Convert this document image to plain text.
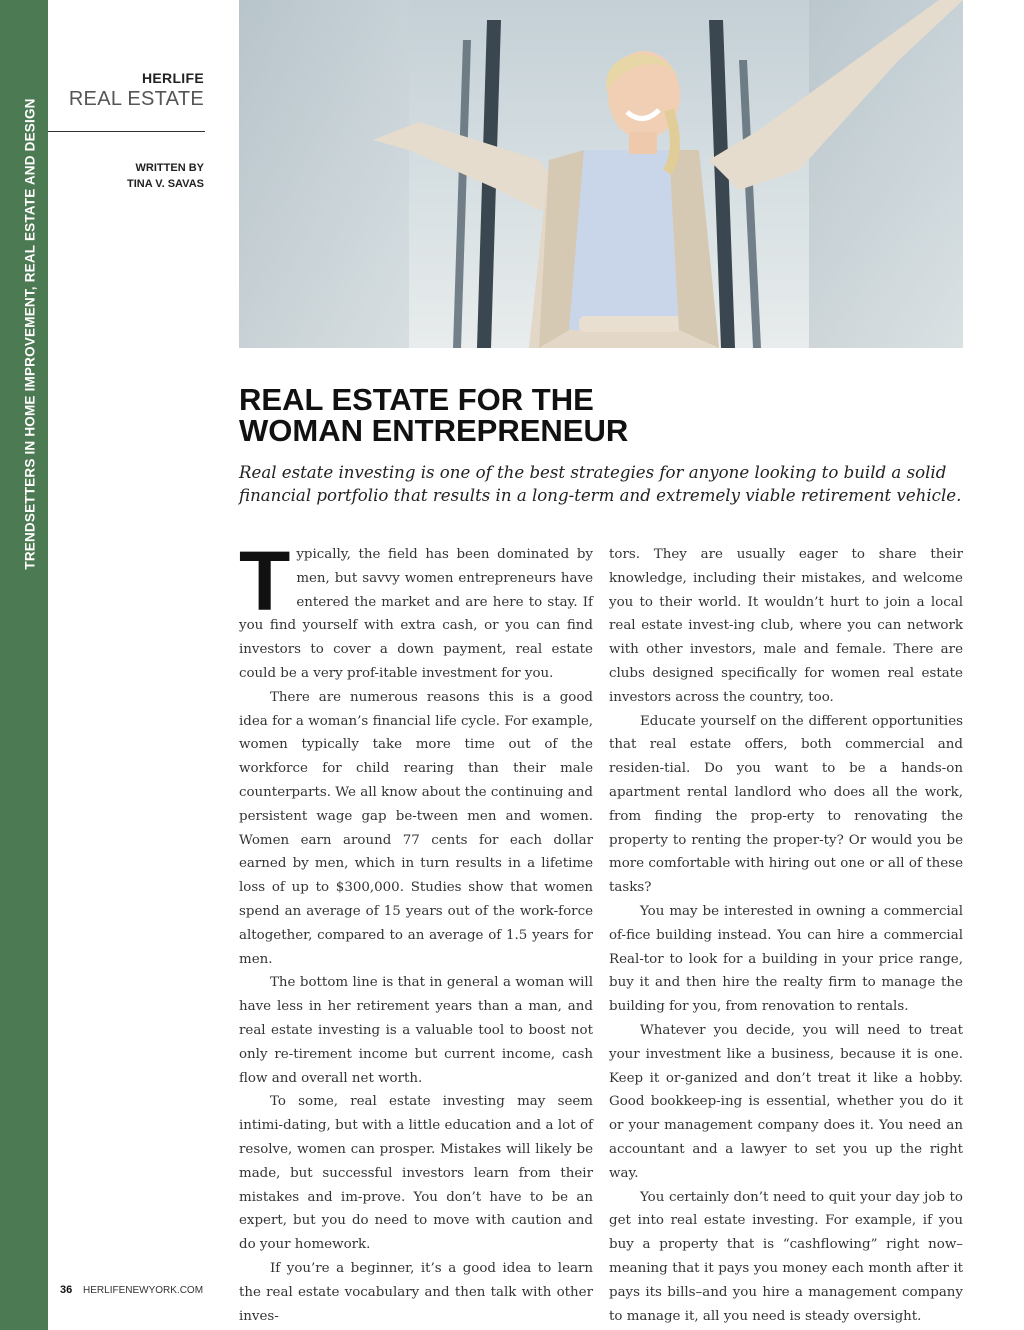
TRENDSETTERS IN HOME IMPROVEMENT, REAL ESTATE AND DESIGN
HERLIFE
REAL ESTATE
WRITTEN BY
TINA V. SAVAS
REAL ESTATE FOR THE
WOMAN ENTREPRENEUR

Real estate investing is one of the best strategies for anyone looking to build a solid financial portfolio that results in a long-term and extremely viable retirement vehicle.

Typically, the field has been dominated by men, but savvy women entrepreneurs have entered the market and are here to stay. If you find yourself with extra cash, or you can find investors to cover a down payment, real estate could be a very prof-itable investment for you.

There are numerous reasons this is a good idea for a woman’s financial life cycle. For example, women typically take more time out of the workforce for child rearing than their male counterparts. We all know about the continuing and persistent wage gap be-tween men and women. Women earn around 77 cents for each dollar earned by men, which in turn results in a lifetime loss of up to $300,000. Studies show that women spend an average of 15 years out of the work-force altogether, compared to an average of 1.5 years for men.

The bottom line is that in general a woman will have less in her retirement years than a man, and real estate investing is a valuable tool to boost not only re-tirement income but current income, cash flow and overall net worth.

To some, real estate investing may seem intimi-dating, but with a little education and a lot of resolve, women can prosper. Mistakes will likely be made, but successful investors learn from their mistakes and im-prove. You don’t have to be an expert, but you do need to move with caution and do your homework.

If you’re a beginner, it’s a good idea to learn the real estate vocabulary and then talk with other inves-

tors. They are usually eager to share their knowledge, including their mistakes, and welcome you to their world. It wouldn’t hurt to join a local real estate invest-ing club, where you can network with other investors, male and female. There are clubs designed specifically for women real estate investors across the country, too.

Educate yourself on the different opportunities that real estate offers, both commercial and residen-tial. Do you want to be a hands-on apartment rental landlord who does all the work, from finding the prop-erty to renovating the property to renting the proper-ty? Or would you be more comfortable with hiring out one or all of these tasks?

You may be interested in owning a commercial of-fice building instead. You can hire a commercial Real-tor to look for a building in your price range, buy it and then hire the realty firm to manage the building for you, from renovation to rentals.

Whatever you decide, you will need to treat your investment like a business, because it is one. Keep it or-ganized and don’t treat it like a hobby. Good bookkeep-ing is essential, whether you do it or your management company does it. You need an accountant and a lawyer to set you up the right way.

You certainly don’t need to quit your day job to get into real estate investing. For example, if you buy a property that is “cashflowing” right now–meaning that it pays you money each month after it pays its bills–and you hire a management company to manage it, all you need is steady oversight.

36 HERLIFENEWYORK.COM
